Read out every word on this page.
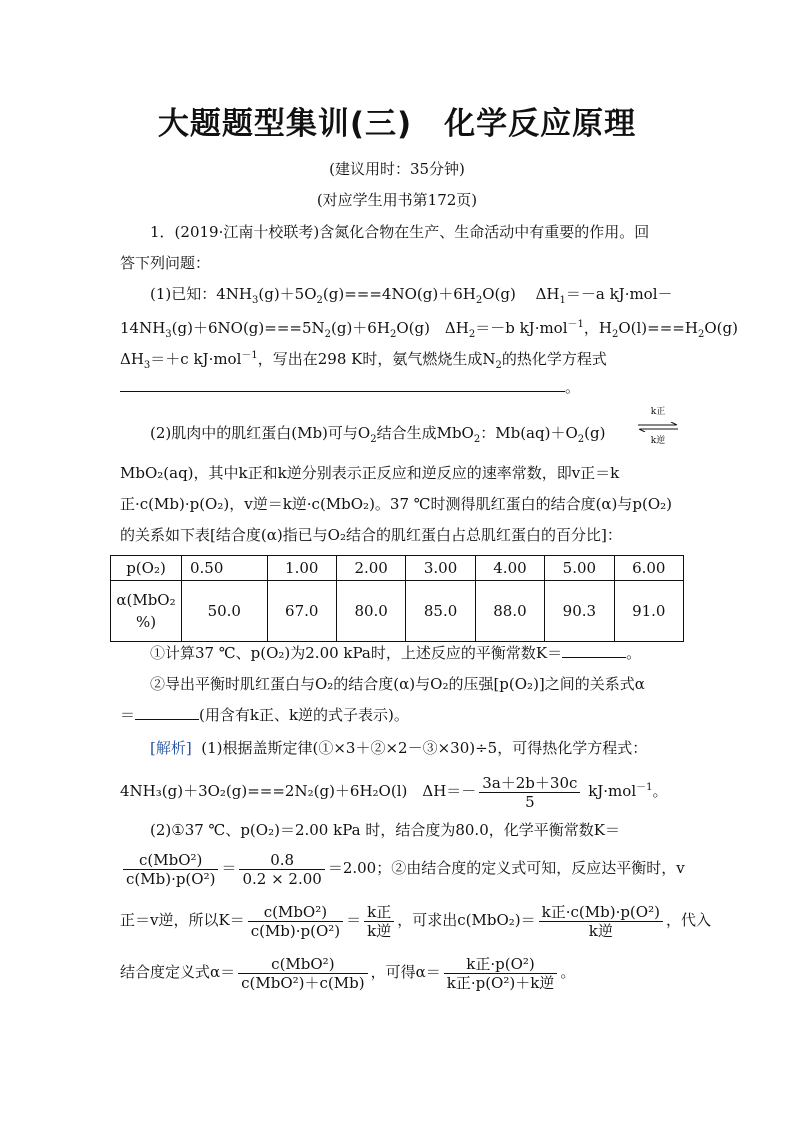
大题题型集训(三)　化学反应原理
(建议用时：35分钟)
(对应学生用书第172页)
1．(2019·江南十校联考)含氮化合物在生产、生命活动中有重要的作用。回
答下列问题：
(1)已知：$4NH_3(g)+5O_2(g)===4NO(g)+6H_2O(g)$　 $\Delta H_1=-a$ kJ·mol－
$14NH_3(g)+6NO(g)===5N_2(g)+6H_2O(g)$　$\Delta H_2=-b$ kJ·mol$^{-1}$，$H_2O(l)===H_2O(g)$
$\Delta H_3=+c$ kJ·mol$^{-1}$，写出在298 K时，氨气燃烧生成$N_2$的热化学方程式
。
(2)肌肉中的肌红蛋白(Mb)可与$O_2$结合生成MbO$_2$：$Mb(aq)+O_2(g)$
k正
k逆
MbO₂(aq)，其中k正和k逆分别表示正反应和逆反应的速率常数，即v正＝k
正·c(Mb)·p(O₂)，v逆＝k逆·c(MbO₂)。37 ℃时测得肌红蛋白的结合度(α)与p(O₂)
的关系如下表[结合度(α)指已与O₂结合的肌红蛋白占总肌红蛋白的百分比]：
p(O₂)	0.50	1.00	2.00	3.00	4.00	5.00	6.00

α(MbO₂
%)	50.0	67.0	80.0	85.0	88.0	90.3	91.0
①计算37 ℃、p(O₂)为2.00 kPa时，上述反应的平衡常数K＝	。
②导出平衡时肌红蛋白与O₂的结合度(α)与O₂的压强[p(O₂)]之间的关系式α
＝	(用含有k正、k逆的式子表示)。
[解析] (1)根据盖斯定律(①×3＋②×2－③×30)÷5，可得热化学方程式：
4NH₃(g)＋3O₂(g)===2N₂(g)＋6H₂O(l)　$\Delta H=- \frac{3a+2b+30c}{5} kJ\cdot mol^{-1}$。
(2)①37 ℃、p(O₂)＝2.00 kPa 时，结合度为80.0，化学平衡常数K＝
$\frac{\text{c(MbO²)}}{\text{c(Mb)·p(O²)}} = \frac{0.8}{0.2 \times 2.00} =2.00$；②由结合度的定义式可知，反应达平衡时，v
正＝v逆，所以$K= \frac{\text{c(MbO²)}}{\text{c(Mb)·p(O²)}} = \frac{\text{k正}}{\text{k逆}}$ ，可求出$c(MbO_2)= \frac{\text{k正·c(Mb)·p(O²)}}{\text{k逆}}$ ，代入
结合度定义式$\alpha= \frac{\text{c(MbO²)}}{\text{c(MbO²)＋c(Mb)}}$ ，可得$\alpha= \frac{\text{k正·p(O²)}}{\text{k正·p(O²)＋k逆}}$ 。
